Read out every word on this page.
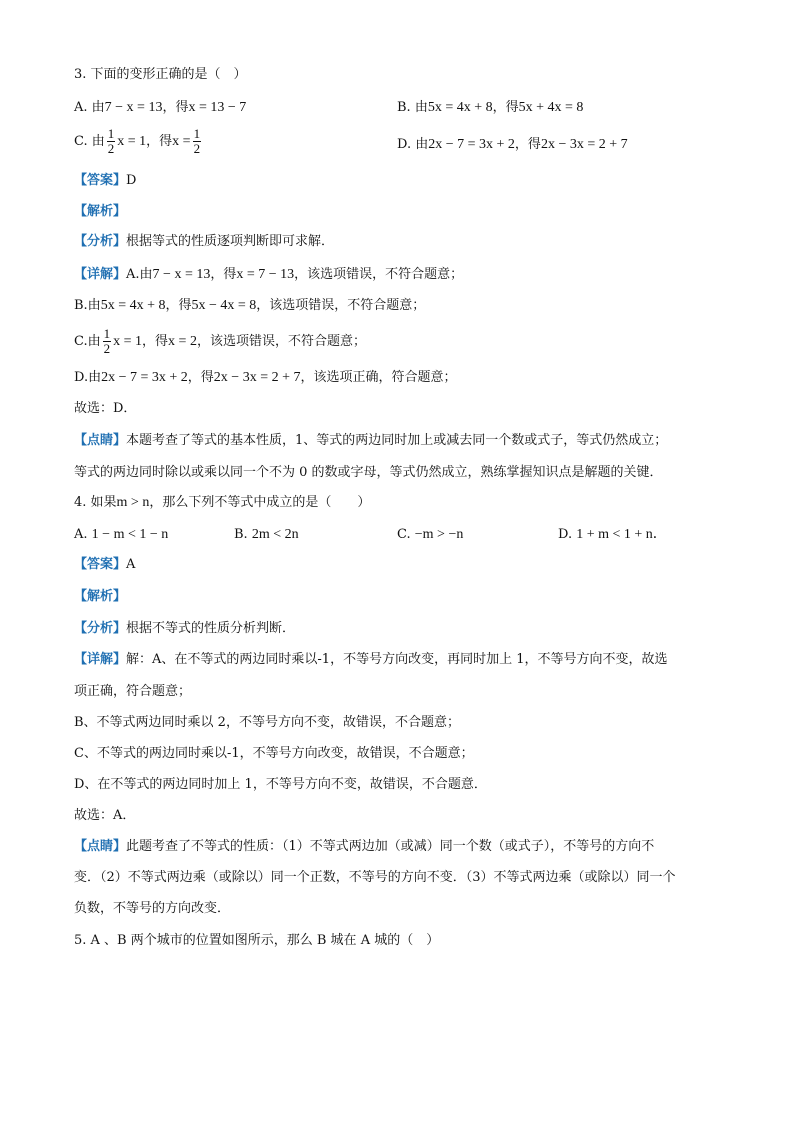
3. 下面的变形正确的是（　）
A. 由7 − x = 13，得x = 13 − 7	B. 由5x = 4x + 8，得5x + 4x = 8
C. 由 $\frac{1}{2}$ x = 1，得$x = \frac{1}{2}$	D. 由2x − 7 = 3x + 2，得2x − 3x = 2 + 7
【答案】D
【解析】
【分析】根据等式的性质逐项判断即可求解．
【详解】A.由7 − x = 13，得x = 7 − 13，该选项错误，不符合题意；
B.由5x = 4x + 8，得5x − 4x = 8，该选项错误，不符合题意；
C.由 $\frac{1}{2}$ x = 1，得x = 2，该选项错误，不符合题意；
D.由2x − 7 = 3x + 2，得2x − 3x = 2 + 7，该选项正确，符合题意；
故选：D．
【点睛】本题考查了等式的基本性质，1、等式的两边同时加上或减去同一个数或式子，等式仍然成立；
等式的两边同时除以或乘以同一个不为 0 的数或字母，等式仍然成立，熟练掌握知识点是解题的关键．
4. 如果m > n，那么下列不等式中成立的是（　　）
A. 1 − m < 1 − n	B. 2m < 2n	C. −m > −n	D. 1 + m < 1 + n．
【答案】A
【解析】
【分析】根据不等式的性质分析判断．
【详解】解：A、在不等式的两边同时乘以-1，不等号方向改变，再同时加上 1，不等号方向不变，故选
项正确，符合题意；
B、不等式两边同时乘以 2，不等号方向不变，故错误，不合题意；
C、不等式的两边同时乘以-1，不等号方向改变，故错误，不合题意；
D、在不等式的两边同时加上 1，不等号方向不变，故错误，不合题意．
故选：A．
【点睛】此题考查了不等式的性质：（1）不等式两边加（或减）同一个数（或式子），不等号的方向不
变．（2）不等式两边乘（或除以）同一个正数，不等号的方向不变．（3）不等式两边乘（或除以）同一个
负数，不等号的方向改变．
5. A 、B 两个城市的位置如图所示，那么 B 城在 A 城的（　）
